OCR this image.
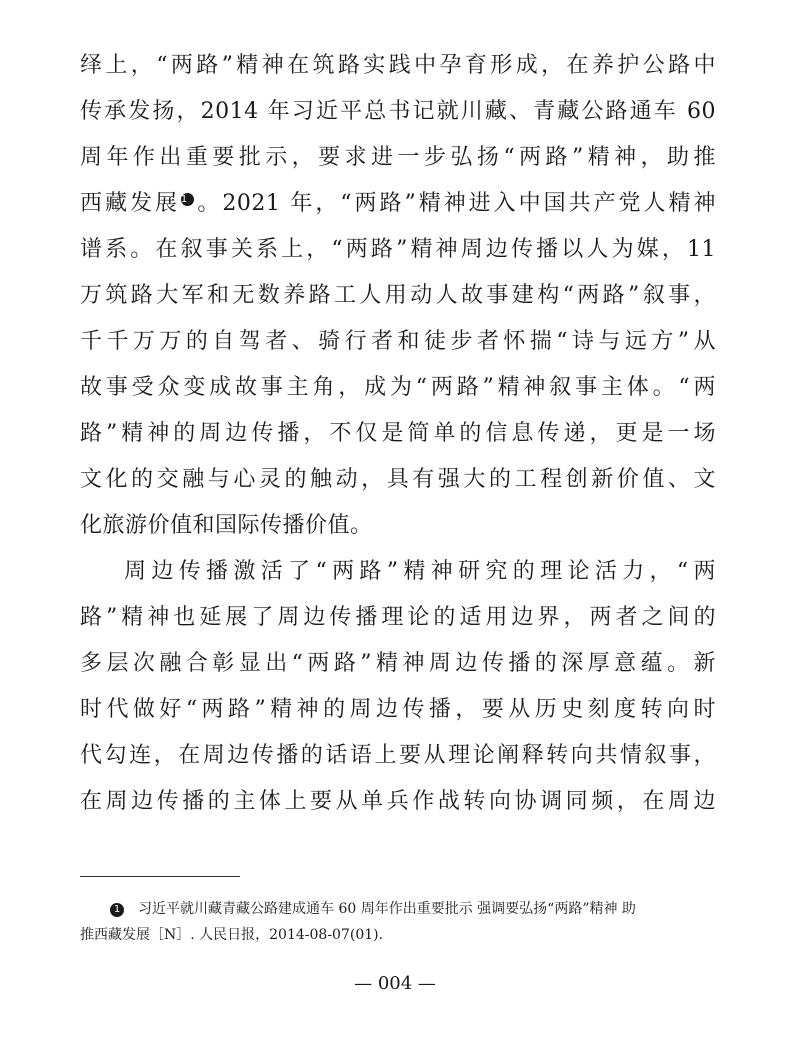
绎上，“两路”精神在筑路实践中孕育形成，在养护公路中
传承发扬，2014 年习近平总书记就川藏、青藏公路通车 60
周年作出重要批示，要求进一步弘扬“两路”精神，助推
西藏发展1 。2021 年，“两路”精神进入中国共产党人精神
谱系。在叙事关系上，“两路”精神周边传播以人为媒，11
万筑路大军和无数养路工人用动人故事建构“两路”叙事，
千千万万的自驾者、骑行者和徒步者怀揣“诗与远方”从
故事受众变成故事主角，成为“两路”精神叙事主体。“两
路”精神的周边传播，不仅是简单的信息传递，更是一场
文化的交融与心灵的触动，具有强大的工程创新价值、文
化旅游价值和国际传播价值。
周边传播激活了“两路”精神研究的理论活力，“两
路”精神也延展了周边传播理论的适用边界，两者之间的
多层次融合彰显出“两路”精神周边传播的深厚意蕴。新
时代做好“两路”精神的周边传播，要从历史刻度转向时
代勾连，在周边传播的话语上要从理论阐释转向共情叙事，
在周边传播的主体上要从单兵作战转向协调同频，在周边
1 习近平就川藏青藏公路建成通车 60 周年作出重要批示 强调要弘扬“两路”精神 助
推西藏发展［N］. 人民日报，2014-08-07(01).
— 004 —
